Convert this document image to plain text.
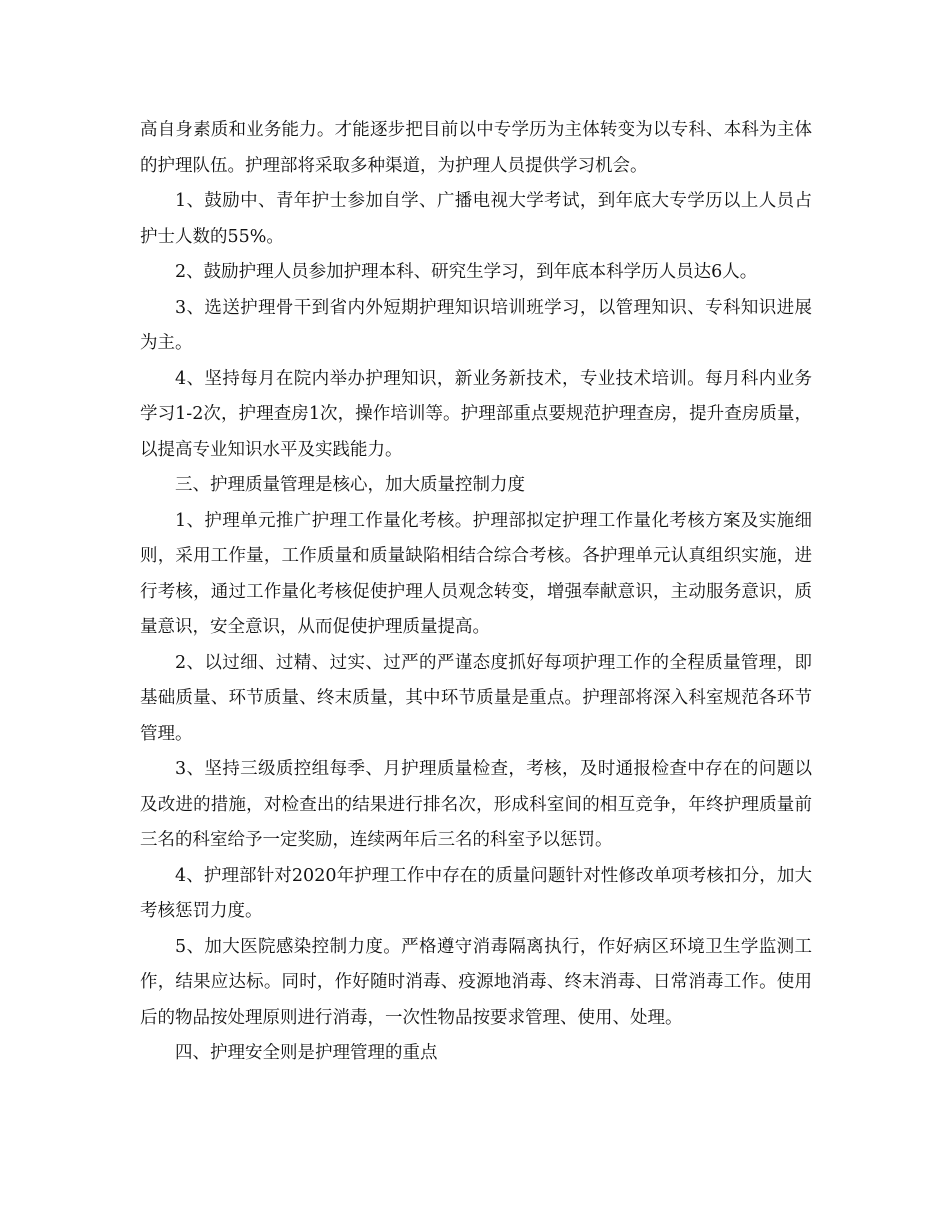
高自身素质和业务能力。才能逐步把目前以中专学历为主体转变为以专科、本科为主体的护理队伍。护理部将采取多种渠道，为护理人员提供学习机会。

1、鼓励中、青年护士参加自学、广播电视大学考试，到年底大专学历以上人员占护士人数的55%。

2、鼓励护理人员参加护理本科、研究生学习，到年底本科学历人员达6人。

3、选送护理骨干到省内外短期护理知识培训班学习，以管理知识、专科知识进展为主。

4、坚持每月在院内举办护理知识，新业务新技术，专业技术培训。每月科内业务学习1-2次，护理查房1次，操作培训等。护理部重点要规范护理查房，提升查房质量，以提高专业知识水平及实践能力。

三、护理质量管理是核心，加大质量控制力度

1、护理单元推广护理工作量化考核。护理部拟定护理工作量化考核方案及实施细则，采用工作量，工作质量和质量缺陷相结合综合考核。各护理单元认真组织实施，进行考核，通过工作量化考核促使护理人员观念转变，增强奉献意识，主动服务意识，质量意识，安全意识，从而促使护理质量提高。

2、以过细、过精、过实、过严的严谨态度抓好每项护理工作的全程质量管理，即基础质量、环节质量、终末质量，其中环节质量是重点。护理部将深入科室规范各环节管理。

3、坚持三级质控组每季、月护理质量检查，考核，及时通报检查中存在的问题以及改进的措施，对检查出的结果进行排名次，形成科室间的相互竞争，年终护理质量前三名的科室给予一定奖励，连续两年后三名的科室予以惩罚。

4、护理部针对2020年护理工作中存在的质量问题针对性修改单项考核扣分，加大考核惩罚力度。

5、加大医院感染控制力度。严格遵守消毒隔离执行，作好病区环境卫生学监测工作，结果应达标。同时，作好随时消毒、疫源地消毒、终末消毒、日常消毒工作。使用后的物品按处理原则进行消毒，一次性物品按要求管理、使用、处理。

四、护理安全则是护理管理的重点
